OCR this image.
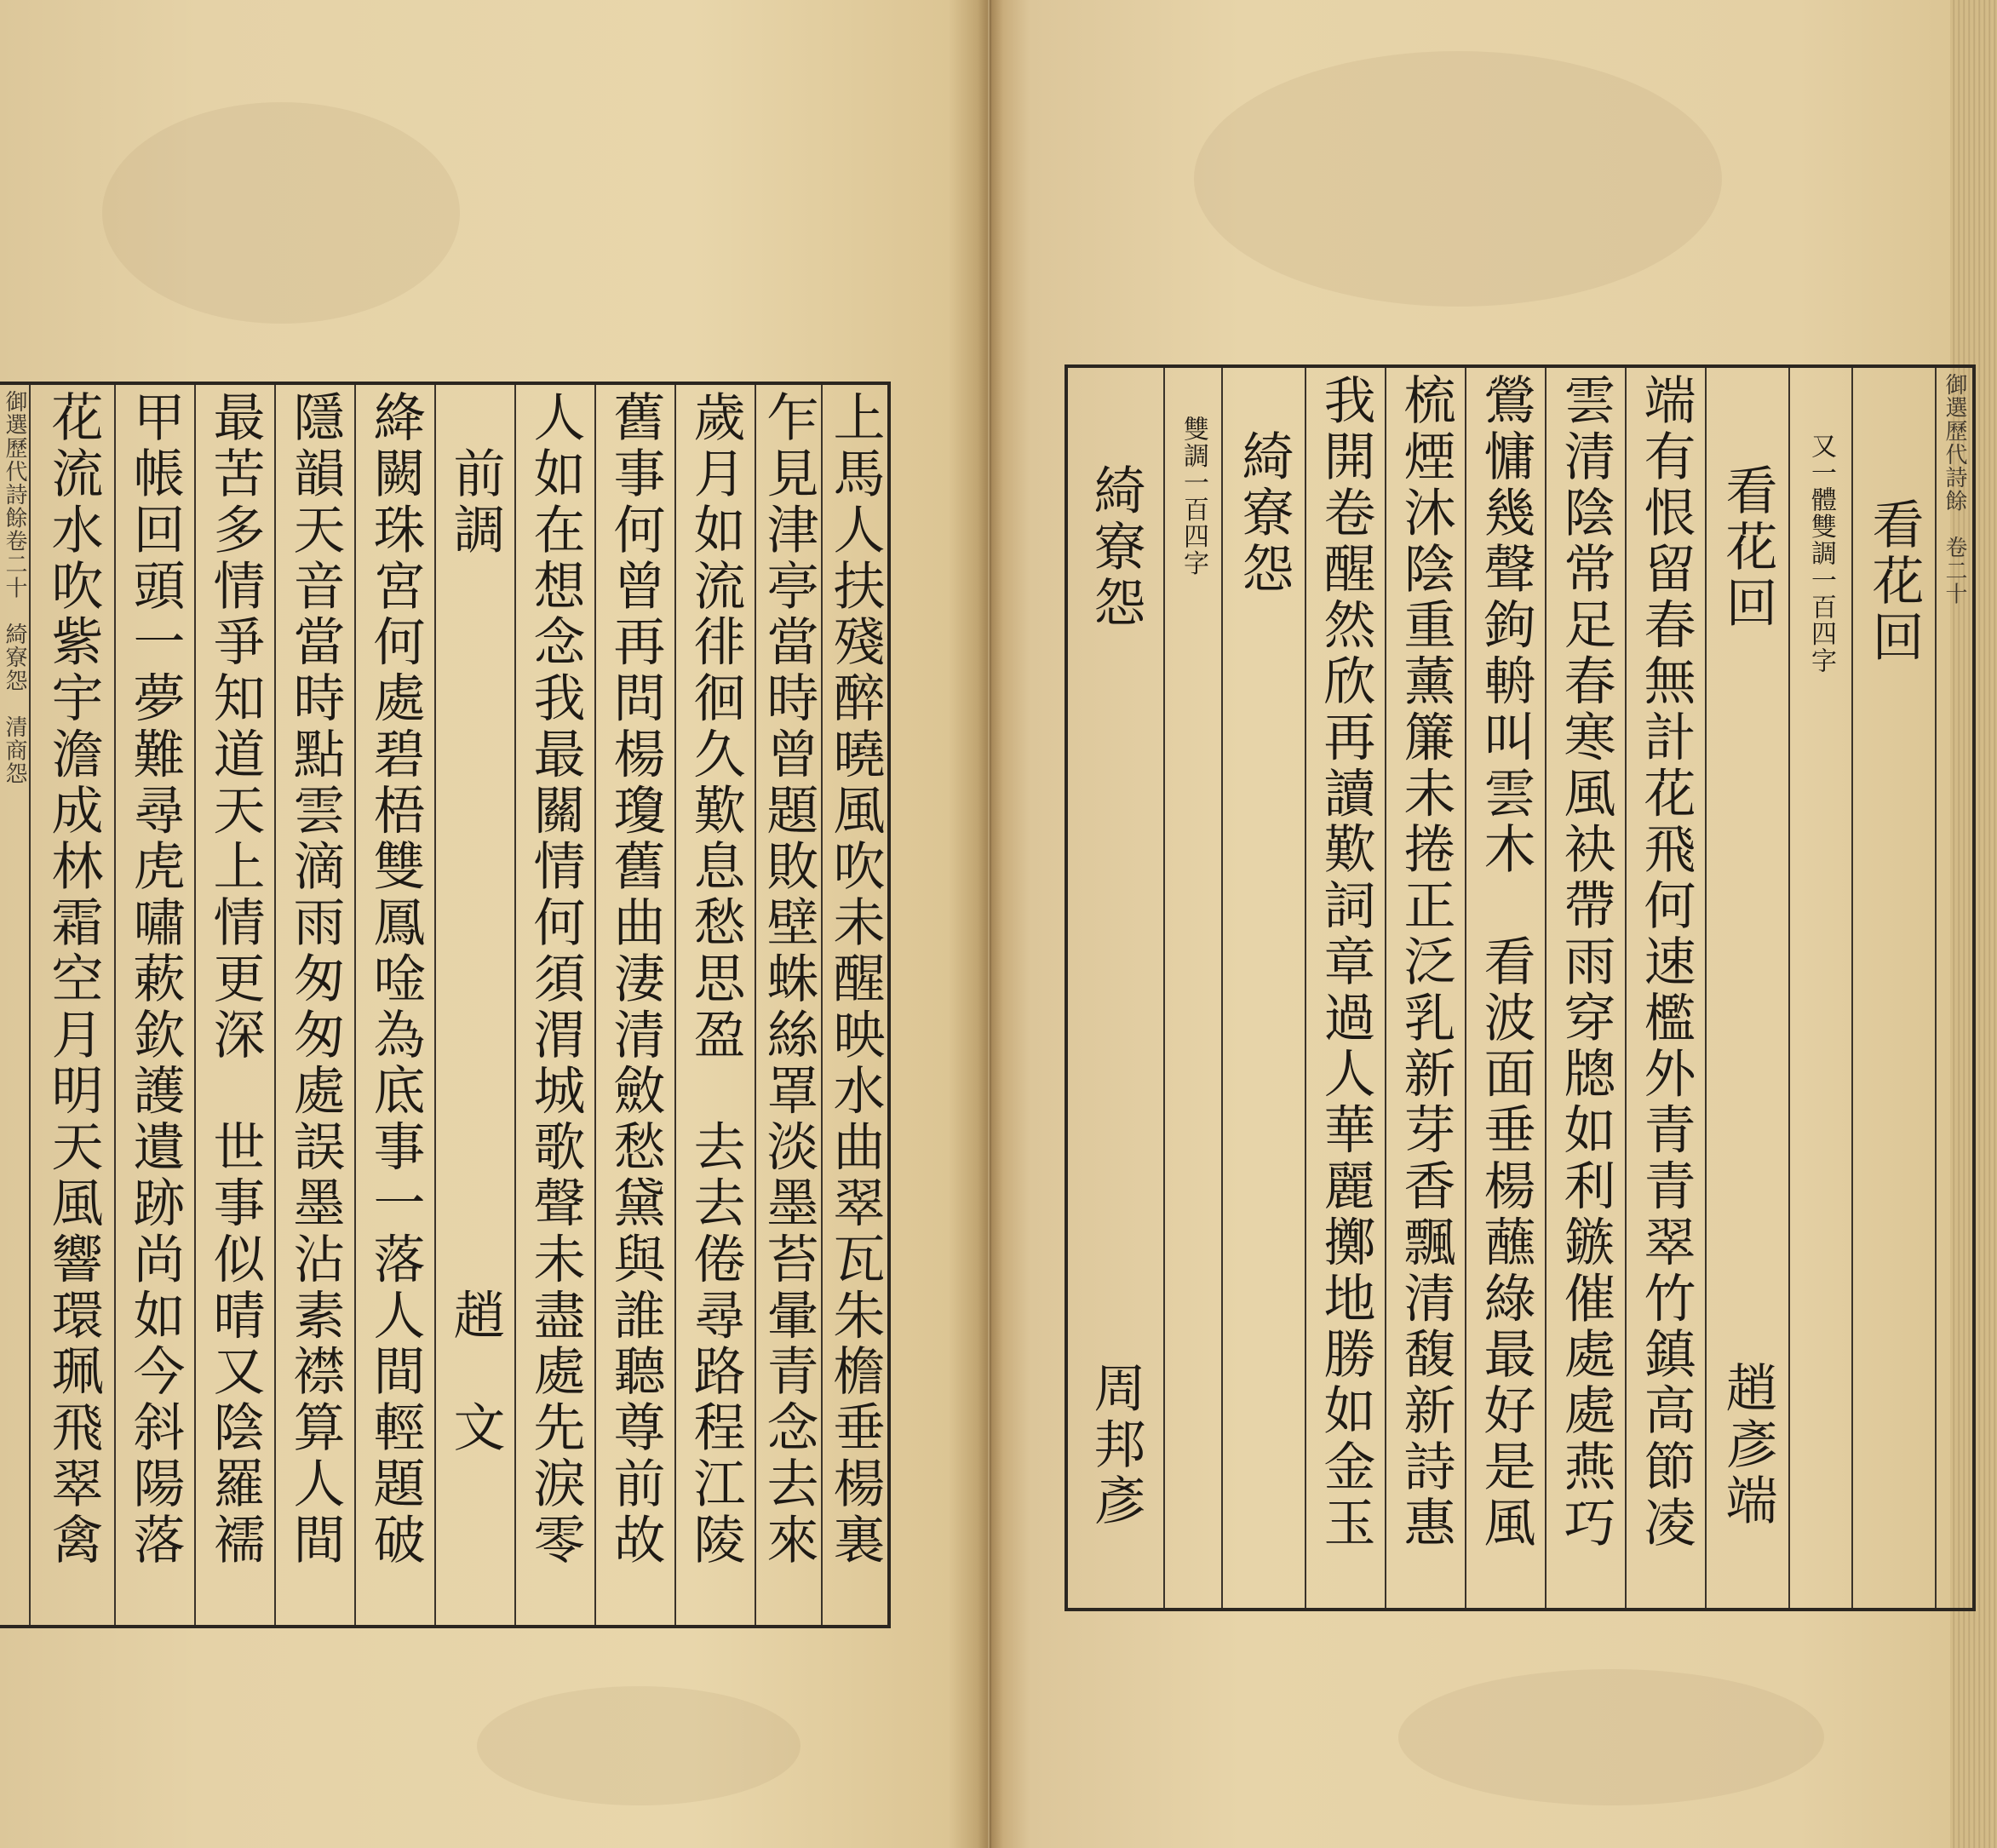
御選歷代詩餘卷二十　綺寮怨　清商怨 花流水吹紫宇澹成林霜空月明天風響環珮飛翠禽 甲帳回頭一夢難尋虎嘯蔌欽護遺跡尚如今斜陽落 最苦多情爭知道天上情更深　世事似晴又陰羅襦 隱韻天音當時點雲滴雨匆匆處誤墨沾素襟算人間 絳闕珠宮何處碧梧雙鳳唫為底事一落人間輕題破 　前調　　　　　　　　　　　　　趙　文 人如在想念我最關情何須渭城歌聲未盡處先淚零 舊事何曾再問楊瓊舊曲淒清斂愁黛與誰聽尊前故 歲月如流徘徊久歎息愁思盈　去去倦尋路程江陵 乍見津亭當時曾題敗壁蛛絲罩淡墨苔暈青念去來 上馬人扶殘醉曉風吹未醒映水曲翠瓦朱檐垂楊裏	　綺寮怨　　　　　　　　　　　　　周邦彥 雙調一百四字 　綺寮怨 我開卷醒然欣再讀歎詞章過人華麗擲地勝如金玉 梳煙沐陰重薰簾未捲正泛乳新芽香飄清馥新詩惠 鶯慵幾聲鉤輈叫雲木　看波面垂楊蘸綠最好是風 雲清陰常足春寒風袂帶雨穿牕如利鏃催處處燕巧 端有恨留春無計花飛何速檻外青青翠竹鎮高節凌 　看花回　　　　　　　　　　　　　趙彥端 又一體雙調一百四字 　看花回 御選歷代詩餘　卷二十
